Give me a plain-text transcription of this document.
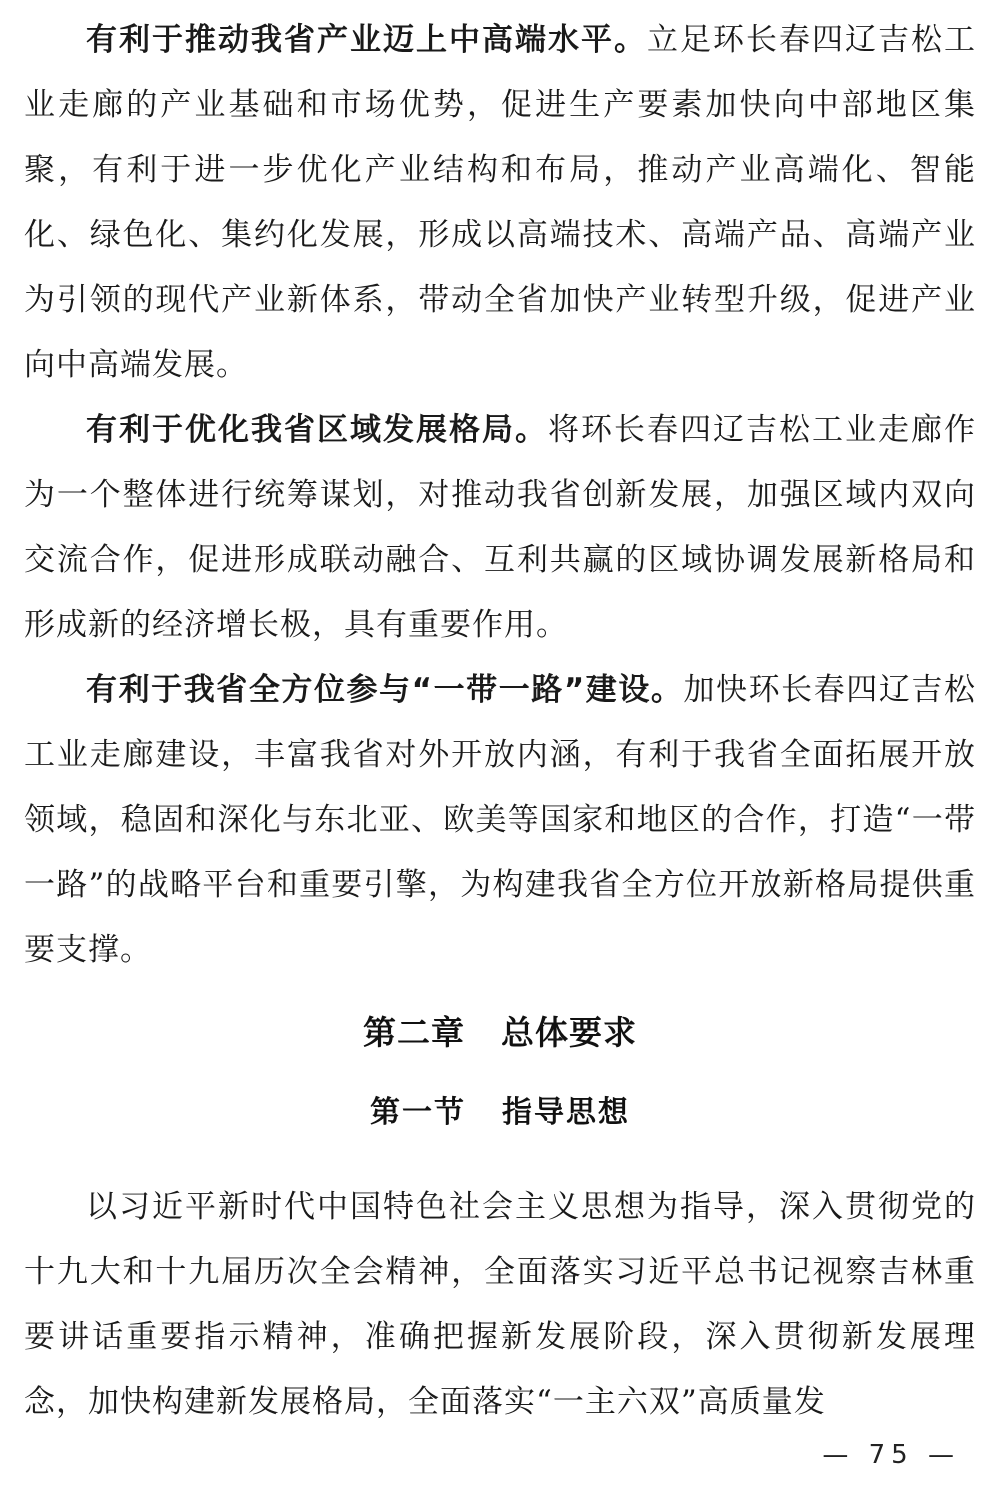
有利于推动我省产业迈上中高端水平。立足环长春四辽吉松工业走廊的产业基础和市场优势，促进生产要素加快向中部地区集聚，有利于进一步优化产业结构和布局，推动产业高端化、智能化、绿色化、集约化发展，形成以高端技术、高端产品、高端产业为引领的现代产业新体系，带动全省加快产业转型升级，促进产业向中高端发展。

有利于优化我省区域发展格局。将环长春四辽吉松工业走廊作为一个整体进行统筹谋划，对推动我省创新发展，加强区域内双向交流合作，促进形成联动融合、互利共赢的区域协调发展新格局和形成新的经济增长极，具有重要作用。

有利于我省全方位参与“一带一路”建设。加快环长春四辽吉松工业走廊建设，丰富我省对外开放内涵，有利于我省全面拓展开放领域，稳固和深化与东北亚、欧美等国家和地区的合作，打造“一带一路”的战略平台和重要引擎，为构建我省全方位开放新格局提供重要支撑。

第二章 总体要求
第一节 指导思想

以习近平新时代中国特色社会主义思想为指导，深入贯彻党的十九大和十九届历次全会精神，全面落实习近平总书记视察吉林重要讲话重要指示精神，准确把握新发展阶段，深入贯彻新发展理念，加快构建新发展格局，全面落实“一主六双”高质量发

— 75 —
